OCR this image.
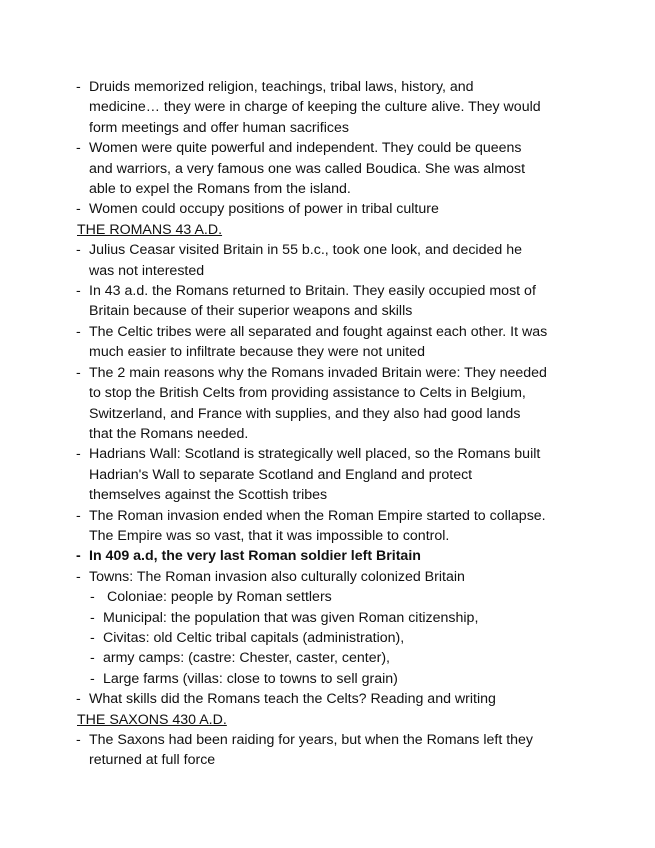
- Druids memorized religion, teachings, tribal laws, history, and
medicine… they were in charge of keeping the culture alive. They would
form meetings and offer human sacrifices
- Women were quite powerful and independent. They could be queens
and warriors, a very famous one was called Boudica. She was almost
able to expel the Romans from the island.
- Women could occupy positions of power in tribal culture
THE ROMANS 43 A.D.
- Julius Ceasar visited Britain in 55 b.c., took one look, and decided he
was not interested
- In 43 a.d. the Romans returned to Britain. They easily occupied most of
Britain because of their superior weapons and skills
- The Celtic tribes were all separated and fought against each other. It was
much easier to infiltrate because they were not united
- The 2 main reasons why the Romans invaded Britain were: They needed
to stop the British Celts from providing assistance to Celts in Belgium,
Switzerland, and France with supplies, and they also had good lands
that the Romans needed.
- Hadrians Wall: Scotland is strategically well placed, so the Romans built
Hadrian's Wall to separate Scotland and England and protect
themselves against the Scottish tribes
- The Roman invasion ended when the Roman Empire started to collapse.
The Empire was so vast, that it was impossible to control.
- In 409 a.d, the very last Roman soldier left Britain
- Towns: The Roman invasion also culturally colonized Britain
- Coloniae: people by Roman settlers
- Municipal: the population that was given Roman citizenship,
- Civitas: old Celtic tribal capitals (administration),
- army camps: (castre: Chester, caster, center),
- Large farms (villas: close to towns to sell grain)
- What skills did the Romans teach the Celts? Reading and writing
THE SAXONS 430 A.D.
- The Saxons had been raiding for years, but when the Romans left they
returned at full force
